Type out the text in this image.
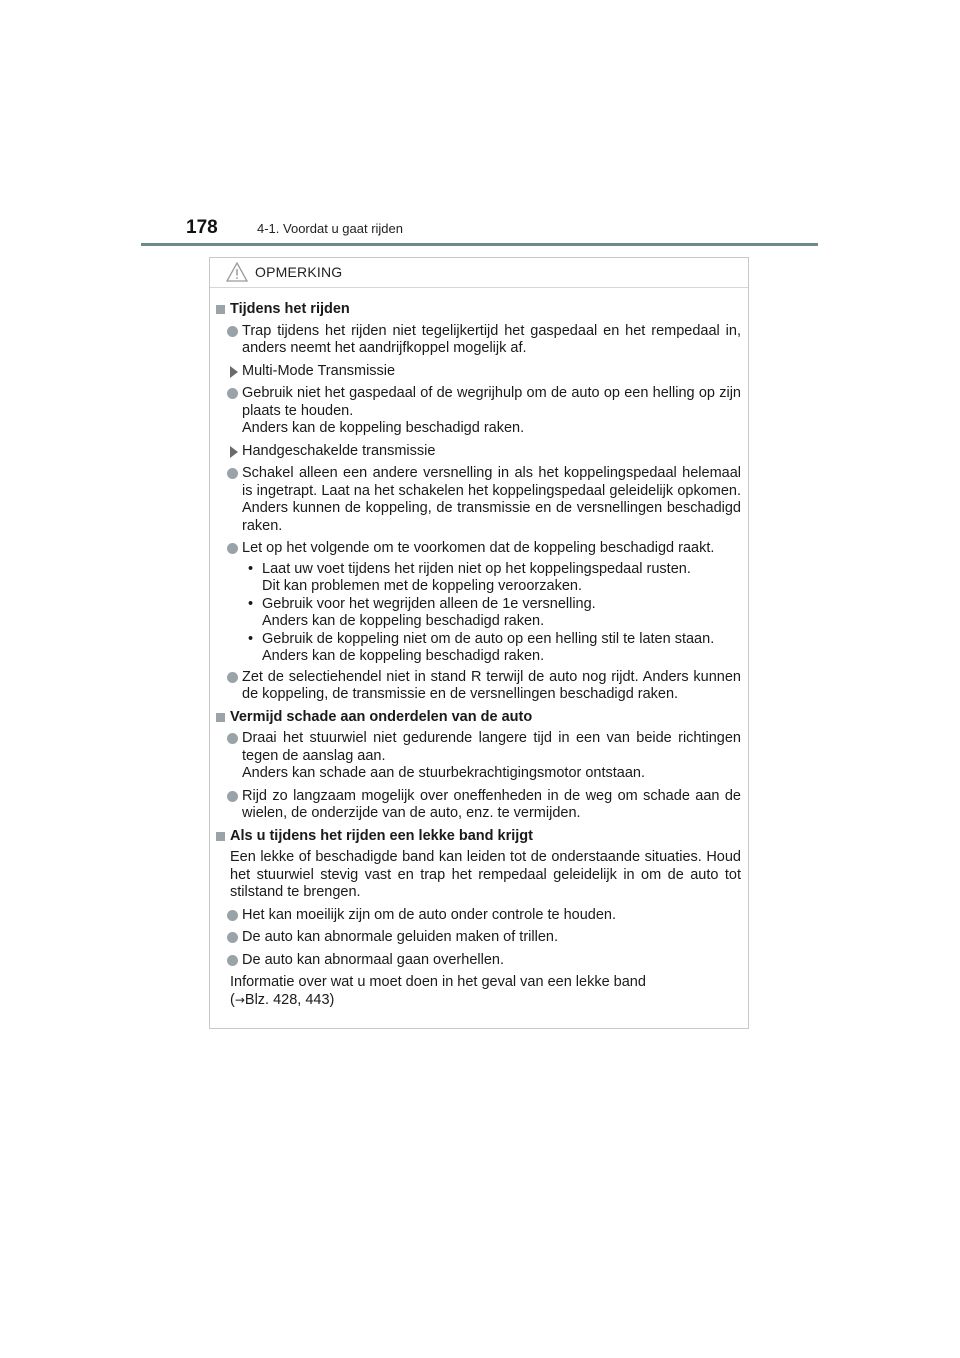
178	4-1. Voordat u gaat rijden
OPMERKING
Tijdens het rijden
Trap tijdens het rijden niet tegelijkertijd het gaspedaal en het rempedaal in, anders neemt het aandrijfkoppel mogelijk af.
Multi-Mode Transmissie
Gebruik niet het gaspedaal of de wegrijhulp om de auto op een helling op zijn plaats te houden.
Anders kan de koppeling beschadigd raken.
Handgeschakelde transmissie
Schakel alleen een andere versnelling in als het koppelingspedaal helemaal is ingetrapt. Laat na het schakelen het koppelingspedaal geleidelijk opkomen. Anders kunnen de koppeling, de transmissie en de versnellingen beschadigd raken.
Let op het volgende om te voorkomen dat de koppeling beschadigd raakt.
• Laat uw voet tijdens het rijden niet op het koppelingspedaal rusten.
Dit kan problemen met de koppeling veroorzaken.
• Gebruik voor het wegrijden alleen de 1e versnelling.
Anders kan de koppeling beschadigd raken.
• Gebruik de koppeling niet om de auto op een helling stil te laten staan.
Anders kan de koppeling beschadigd raken.
Zet de selectiehendel niet in stand R terwijl de auto nog rijdt. Anders kunnen de koppeling, de transmissie en de versnellingen beschadigd raken.
Vermijd schade aan onderdelen van de auto
Draai het stuurwiel niet gedurende langere tijd in een van beide richtingen tegen de aanslag aan.
Anders kan schade aan de stuurbekrachtigingsmotor ontstaan.
Rijd zo langzaam mogelijk over oneffenheden in de weg om schade aan de wielen, de onderzijde van de auto, enz. te vermijden.
Als u tijdens het rijden een lekke band krijgt

Een lekke of beschadigde band kan leiden tot de onderstaande situaties. Houd het stuurwiel stevig vast en trap het rempedaal geleidelijk in om de auto tot stilstand te brengen.

Het kan moeilijk zijn om de auto onder controle te houden.
De auto kan abnormale geluiden maken of trillen.
De auto kan abnormaal gaan overhellen.

Informatie over wat u moet doen in het geval van een lekke band
(→Blz. 428, 443)
